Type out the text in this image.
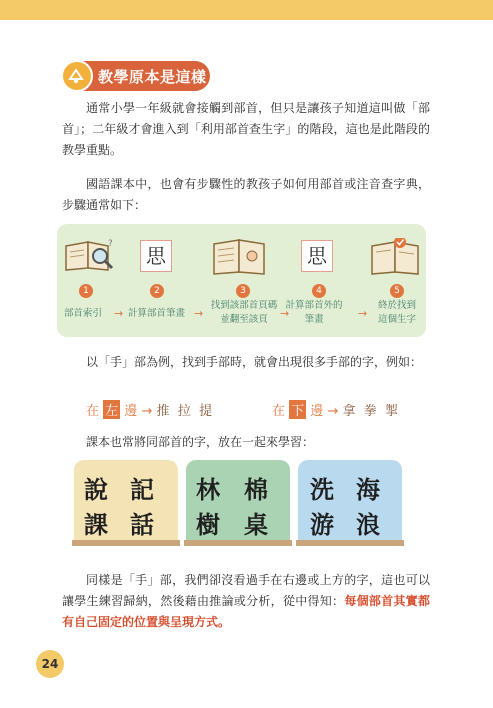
教學原本是這樣

通常小學一年級就會接觸到部首，但只是讓孩子知道這叫做「部首」；二年級才會進入到「利用部首查生字」的階段，這也是此階段的教學重點。

國語課本中，也會有步驟性的教孩子如何用部首或注音查字典，步驟通常如下：

?	思	思
1	2	3	4	5
部首索引	計算部首筆畫
找到該部首頁碼並翻至該頁
計算部首外的筆畫
終於找到這個生字
→	→	→	→

以「手」部為例，找到手部時，就會出現很多手部的字，例如：

在 左 邊 → 推 拉 提	在 下 邊 → 拿 拳 掣

課本也常將同部首的字，放在一起來學習：

說 記
課 話
林 棉
樹 桌
洗 海
游 浪

同樣是「手」部，我們卻沒看過手在右邊或上方的字，這也可以讓學生練習歸納，然後藉由推論或分析，從中得知：每個部首其實都有自己固定的位置與呈現方式。

24
